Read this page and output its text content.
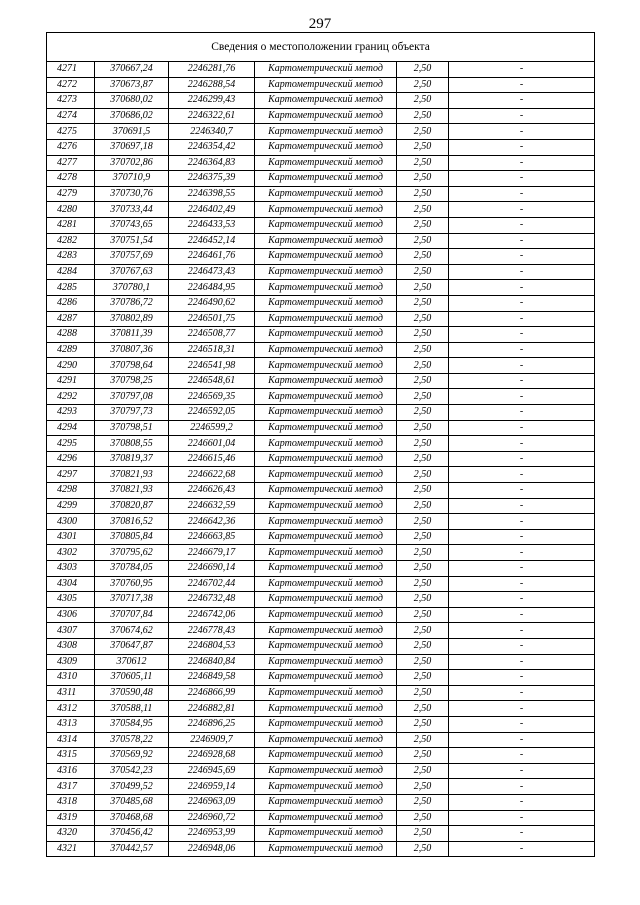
297
Сведения о местоположении границ объекта					
4271	370667,24	2246281,76	Картометрический метод	2,50	-
4272	370673,87	2246288,54	Картометрический метод	2,50	-
4273	370680,02	2246299,43	Картометрический метод	2,50	-
4274	370686,02	2246322,61	Картометрический метод	2,50	-
4275	370691,5	2246340,7	Картометрический метод	2,50	-
4276	370697,18	2246354,42	Картометрический метод	2,50	-
4277	370702,86	2246364,83	Картометрический метод	2,50	-
4278	370710,9	2246375,39	Картометрический метод	2,50	-
4279	370730,76	2246398,55	Картометрический метод	2,50	-
4280	370733,44	2246402,49	Картометрический метод	2,50	-
4281	370743,65	2246433,53	Картометрический метод	2,50	-
4282	370751,54	2246452,14	Картометрический метод	2,50	-
4283	370757,69	2246461,76	Картометрический метод	2,50	-
4284	370767,63	2246473,43	Картометрический метод	2,50	-
4285	370780,1	2246484,95	Картометрический метод	2,50	-
4286	370786,72	2246490,62	Картометрический метод	2,50	-
4287	370802,89	2246501,75	Картометрический метод	2,50	-
4288	370811,39	2246508,77	Картометрический метод	2,50	-
4289	370807,36	2246518,31	Картометрический метод	2,50	-
4290	370798,64	2246541,98	Картометрический метод	2,50	-
4291	370798,25	2246548,61	Картометрический метод	2,50	-
4292	370797,08	2246569,35	Картометрический метод	2,50	-
4293	370797,73	2246592,05	Картометрический метод	2,50	-
4294	370798,51	2246599,2	Картометрический метод	2,50	-
4295	370808,55	2246601,04	Картометрический метод	2,50	-
4296	370819,37	2246615,46	Картометрический метод	2,50	-
4297	370821,93	2246622,68	Картометрический метод	2,50	-
4298	370821,93	2246626,43	Картометрический метод	2,50	-
4299	370820,87	2246632,59	Картометрический метод	2,50	-
4300	370816,52	2246642,36	Картометрический метод	2,50	-
4301	370805,84	2246663,85	Картометрический метод	2,50	-
4302	370795,62	2246679,17	Картометрический метод	2,50	-
4303	370784,05	2246690,14	Картометрический метод	2,50	-
4304	370760,95	2246702,44	Картометрический метод	2,50	-
4305	370717,38	2246732,48	Картометрический метод	2,50	-
4306	370707,84	2246742,06	Картометрический метод	2,50	-
4307	370674,62	2246778,43	Картометрический метод	2,50	-
4308	370647,87	2246804,53	Картометрический метод	2,50	-
4309	370612	2246840,84	Картометрический метод	2,50	-
4310	370605,11	2246849,58	Картометрический метод	2,50	-
4311	370590,48	2246866,99	Картометрический метод	2,50	-
4312	370588,11	2246882,81	Картометрический метод	2,50	-
4313	370584,95	2246896,25	Картометрический метод	2,50	-
4314	370578,22	2246909,7	Картометрический метод	2,50	-
4315	370569,92	2246928,68	Картометрический метод	2,50	-
4316	370542,23	2246945,69	Картометрический метод	2,50	-
4317	370499,52	2246959,14	Картометрический метод	2,50	-
4318	370485,68	2246963,09	Картометрический метод	2,50	-
4319	370468,68	2246960,72	Картометрический метод	2,50	-
4320	370456,42	2246953,99	Картометрический метод	2,50	-
4321	370442,57	2246948,06	Картометрический метод	2,50	-
